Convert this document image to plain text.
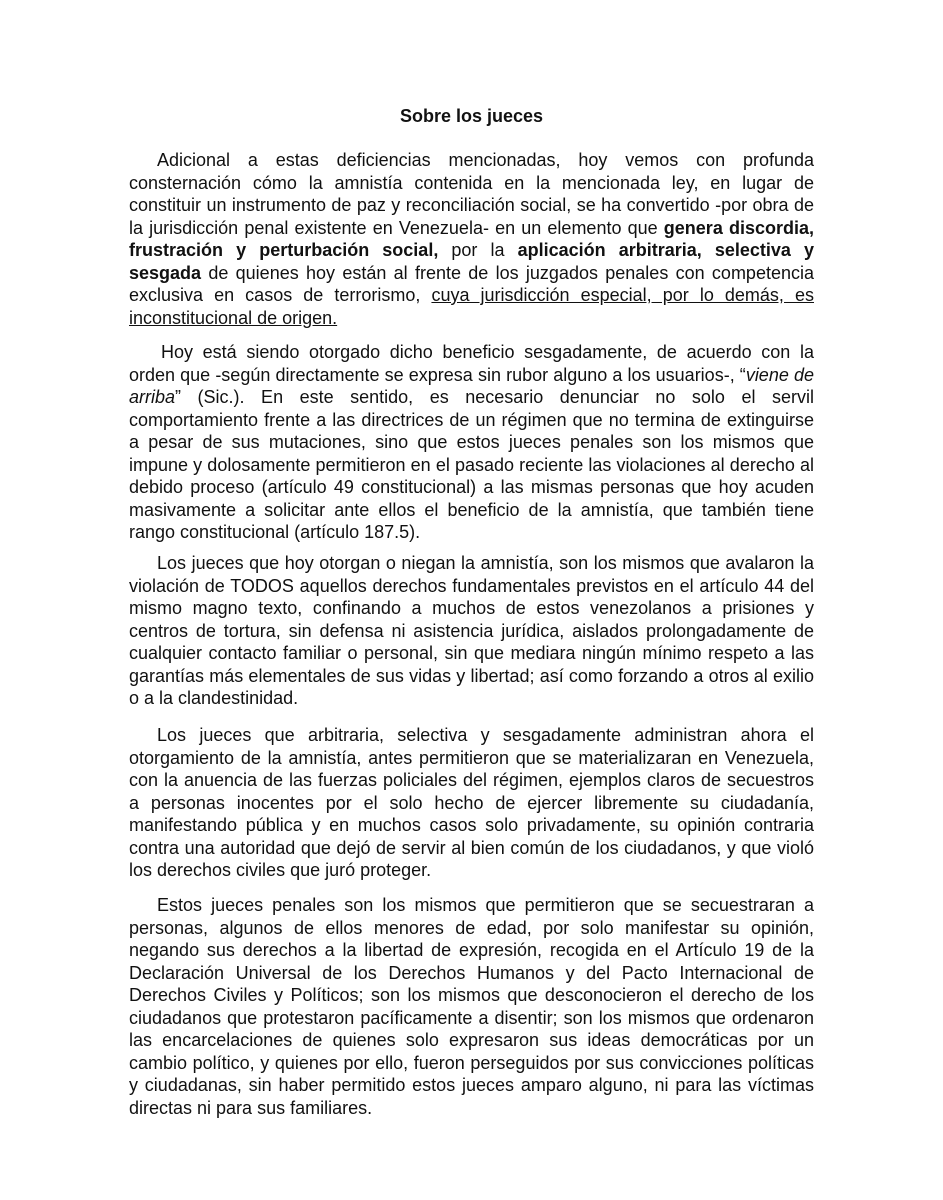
Sobre los jueces

Adicional a estas deficiencias mencionadas, hoy vemos con profunda consternación cómo la amnistía contenida en la mencionada ley, en lugar de constituir un instrumento de paz y reconciliación social, se ha convertido -por obra de la jurisdicción penal existente en Venezuela- en un elemento que genera discordia, frustración y perturbación social, por la aplicación arbitraria, selectiva y sesgada de quienes hoy están al frente de los juzgados penales con competencia exclusiva en casos de terrorismo, cuya jurisdicción especial, por lo demás, es inconstitucional de origen.

Hoy está siendo otorgado dicho beneficio sesgadamente, de acuerdo con la orden que -según directamente se expresa sin rubor alguno a los usuarios-, “viene de arriba” (Sic.). En este sentido, es necesario denunciar no solo el servil comportamiento frente a las directrices de un régimen que no termina de extinguirse a pesar de sus mutaciones, sino que estos jueces penales son los mismos que impune y dolosamente permitieron en el pasado reciente las violaciones al derecho al debido proceso (artículo 49 constitucional) a las mismas personas que hoy acuden masivamente a solicitar ante ellos el beneficio de la amnistía, que también tiene rango constitucional (artículo 187.5).

Los jueces que hoy otorgan o niegan la amnistía, son los mismos que avalaron la violación de TODOS aquellos derechos fundamentales previstos en el artículo 44 del mismo magno texto, confinando a muchos de estos venezolanos a prisiones y centros de tortura, sin defensa ni asistencia jurídica, aislados prolongadamente de cualquier contacto familiar o personal, sin que mediara ningún mínimo respeto a las garantías más elementales de sus vidas y libertad; así como forzando a otros al exilio o a la clandestinidad.

Los jueces que arbitraria, selectiva y sesgadamente administran ahora el otorgamiento de la amnistía, antes permitieron que se materializaran en Venezuela, con la anuencia de las fuerzas policiales del régimen, ejemplos claros de secuestros a personas inocentes por el solo hecho de ejercer libremente su ciudadanía, manifestando pública y en muchos casos solo privadamente, su opinión contraria contra una autoridad que dejó de servir al bien común de los ciudadanos, y que violó los derechos civiles que juró proteger.

Estos jueces penales son los mismos que permitieron que se secuestraran a personas, algunos de ellos menores de edad, por solo manifestar su opinión, negando sus derechos a la libertad de expresión, recogida en el Artículo 19 de la Declaración Universal de los Derechos Humanos y del Pacto Internacional de Derechos Civiles y Políticos; son los mismos que desconocieron el derecho de los ciudadanos que protestaron pacíficamente a disentir; son los mismos que ordenaron las encarcelaciones de quienes solo expresaron sus ideas democráticas por un cambio político, y quienes por ello, fueron perseguidos por sus convicciones políticas y ciudadanas, sin haber permitido estos jueces amparo alguno, ni para las víctimas directas ni para sus familiares.
